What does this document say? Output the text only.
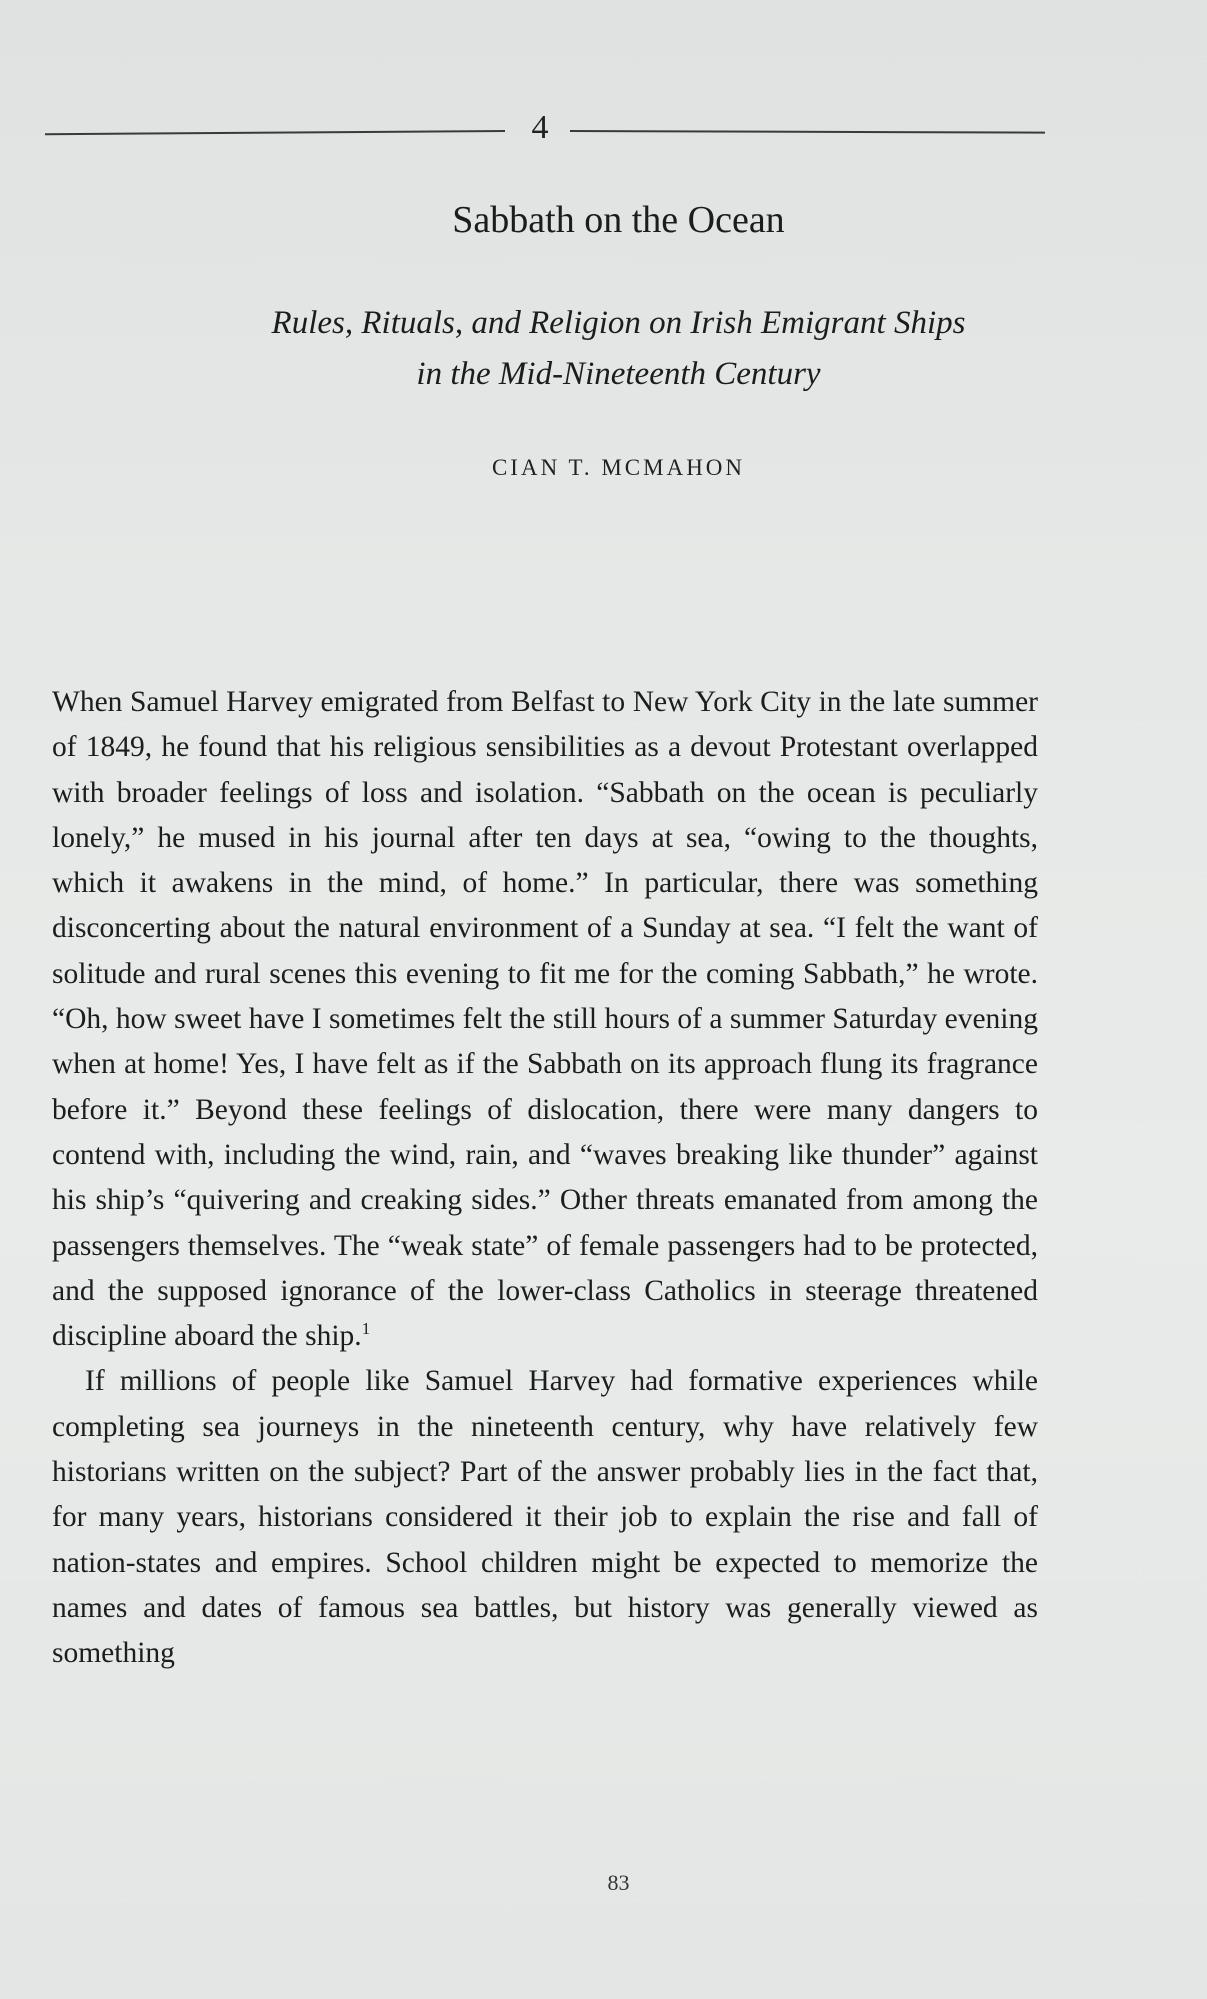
4
Sabbath on the Ocean
Rules, Rituals, and Religion on Irish Emigrant Ships
in the Mid-Nineteenth Century
CIAN T. MCMAHON

When Samuel Harvey emigrated from Belfast to New York City in the late summer of 1849, he found that his religious sensibilities as a devout Protestant overlapped with broader feelings of loss and isolation. “Sabbath on the ocean is peculiarly lonely,” he mused in his journal after ten days at sea, “owing to the thoughts, which it awakens in the mind, of home.” In particular, there was something disconcerting about the natural environment of a Sunday at sea. “I felt the want of solitude and rural scenes this evening to fit me for the coming Sabbath,” he wrote. “Oh, how sweet have I sometimes felt the still hours of a summer Saturday evening when at home! Yes, I have felt as if the Sabbath on its approach flung its fragrance before it.” Beyond these feelings of dislocation, there were many dangers to contend with, including the wind, rain, and “waves breaking like thunder” against his ship’s “quivering and creaking sides.” Other threats emanated from among the passengers themselves. The “weak state” of female passengers had to be protected, and the supposed ignorance of the lower-class Catholics in steerage threatened discipline aboard the ship.$^1$

If millions of people like Samuel Harvey had formative experiences while completing sea journeys in the nineteenth century, why have relatively few historians written on the subject? Part of the answer probably lies in the fact that, for many years, historians considered it their job to explain the rise and fall of nation-states and empires. School children might be expected to memorize the names and dates of famous sea battles, but history was generally viewed as something

83
